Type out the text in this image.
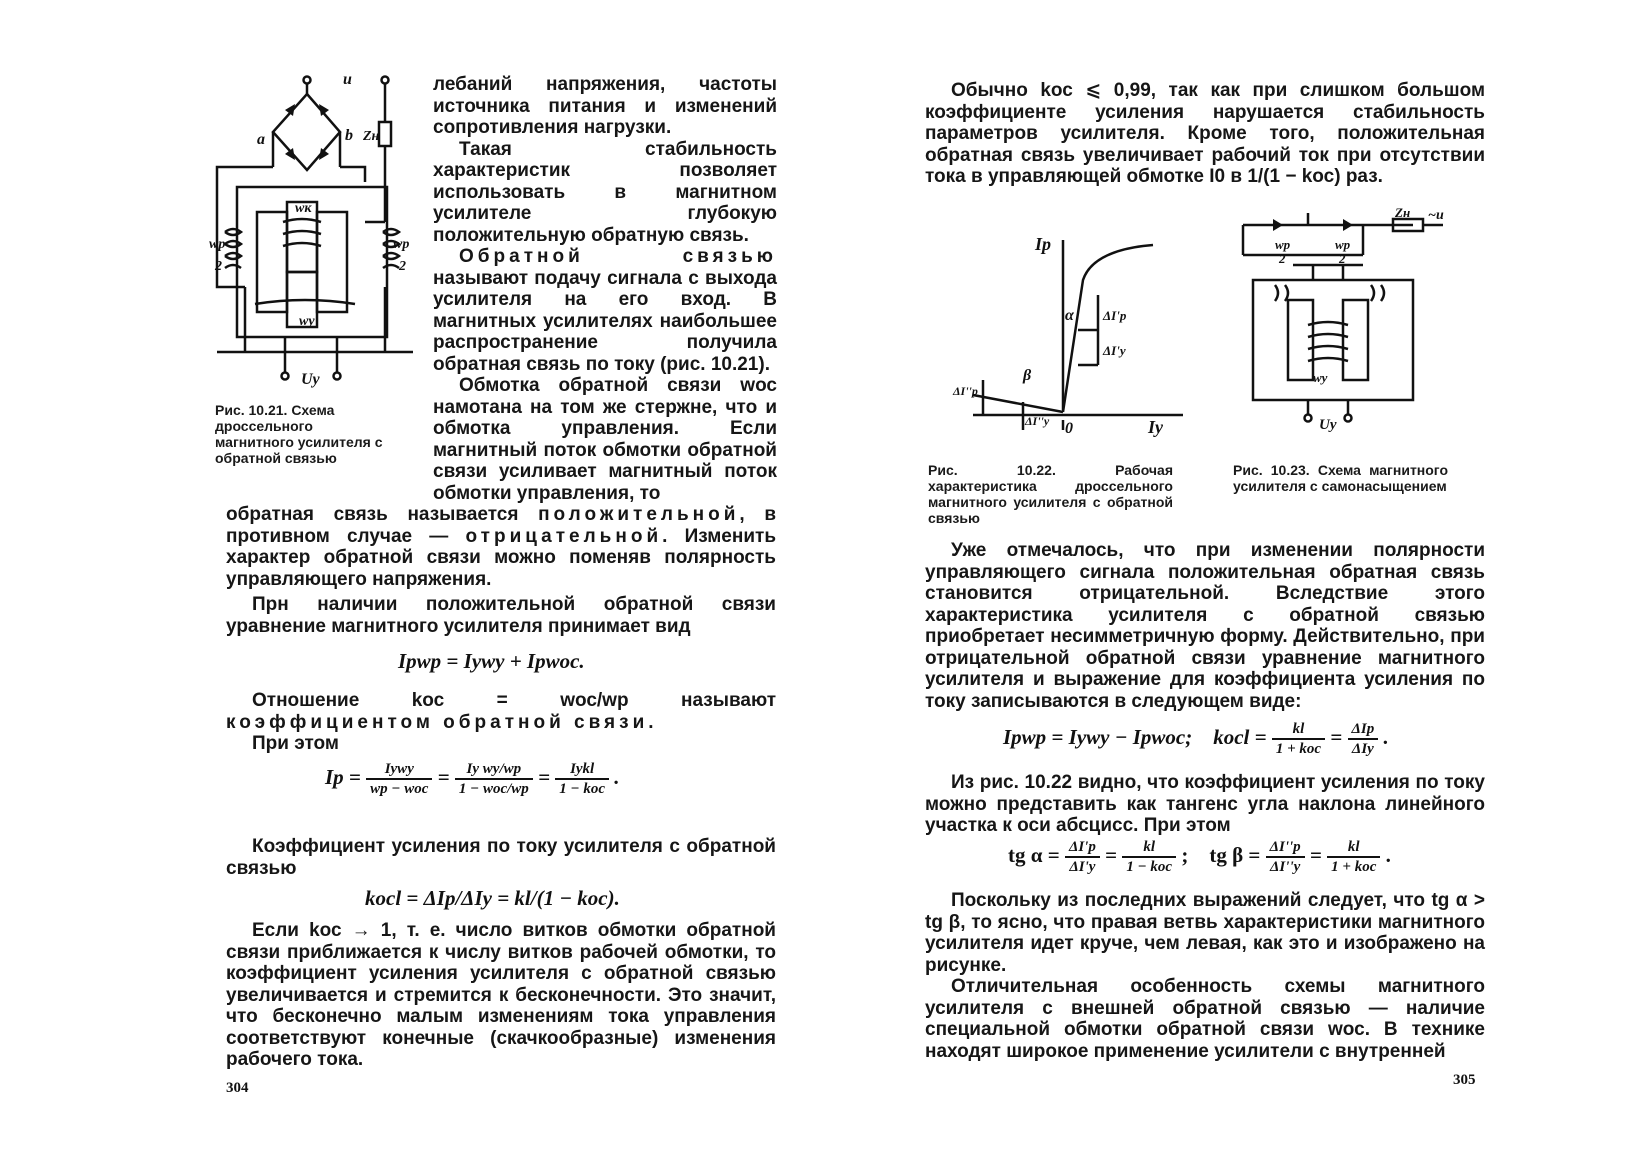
u
a	b Zн
wк
wp
2
wp
2
wу
Uу
Рис. 10.21. Схема дроссельного магнитного усилителя с обратной связью

лебаний напряжения, частоты источника питания и изменений сопротивления нагрузки.

Такая стабильность характеристик позволяет использовать в магнитном усилителе глубокую положительную обратную связь.

Обратной связью называют подачу сигнала с выхода усилителя на его вход. В магнитных усилителях наибольшее распространение получила обратная связь по току (рис. 10.21).

Обмотка обратной связи wос намотана на том же стержне, что и обмотка управления. Если магнитный поток обмотки обратной связи усиливает магнитный поток обмотки управления, то

обратная связь называется положительной, в противном случае — отрицательной. Изменить характер обратной связи можно поменяв полярность управляющего напряжения.

Прн наличии положительной обратной связи уравнение магнитного усилителя принимает вид

Iрwр = Iуwу + Iрwос.

Отношение kос = wос/wр называют коэффициентом обратной связи.

При этом

Iр = $\frac{\text{Iуwу}}{\text{wр − wос}} = \frac{\text{Iу wу/wр}}{\text{1 − wос/wр}} = \frac{\text{Iуkl}}{\text{1 − kос}}$ .

Коэффициент усиления по току усилителя с обратной связью

kосl = ΔIр/ΔIу = kl/(1 − kос).

Если kос → 1, т. е. число витков обмотки обратной связи приближается к числу витков рабочей обмотки, то коэффициент усиления усилителя с обратной связью увеличивается и стремится к бесконечности. Это значит, что бесконечно малым изменениям тока управления соответствуют конечные (скачкообразные) изменения рабочего тока.

304

Обычно kос ⩽ 0,99, так как при слишком большом коэффициенте усиления нарушается стабильность параметров усилителя. Кроме того, положительная обратная связь увеличивает рабочий ток при отсутствии тока в управляющей обмотке I0 в 1/(1 − kос) раз.

Iр
Iу
0
α
β
ΔI'р
ΔI'у
ΔI''р
ΔI''у
Zн ~u
wр
2
wр
2
wу
Uу
Рис. 10.22. Рабочая характеристика дроссельного магнитного усилителя с обратной связью
Рис. 10.23. Схема магнитного усилителя с самонасыщением

Уже отмечалось, что при изменении полярности управляющего сигнала положительная обратная связь становится отрицательной. Вследствие этого характеристика усилителя с обратной связью приобретает несимметричную форму. Действительно, при отрицательной обратной связи уравнение магнитного усилителя и выражение для коэффициента усиления по току записываются в следующем виде:

Iрwр = Iуwу − Iрwос; kосl = $\frac{kl}{\text{1 + kос}} = \frac{\text{ΔIр}}{\text{ΔIу}}$ .

Из рис. 10.22 видно, что коэффициент усиления по току можно представить как тангенс угла наклона линейного участка к оси абсцисс. При этом

tg $\alpha = \frac{\Delta I'р}{\Delta I'у} = \frac{kl}{\text{1 − kос}}$ ; tg $\beta = \frac{\Delta I''р}{\Delta I''у} = \frac{kl}{\text{1 + kос}}$ .

Поскольку из последних выражений следует, что tg α > tg β, то ясно, что правая ветвь характеристики магнитного усилителя идет круче, чем левая, как это и изображено на рисунке.

Отличительная особенность схемы магнитного усилителя с внешней обратной связью — наличие специальной обмотки обратной связи wос. В технике находят широкое применение усилители с внутренней

305
